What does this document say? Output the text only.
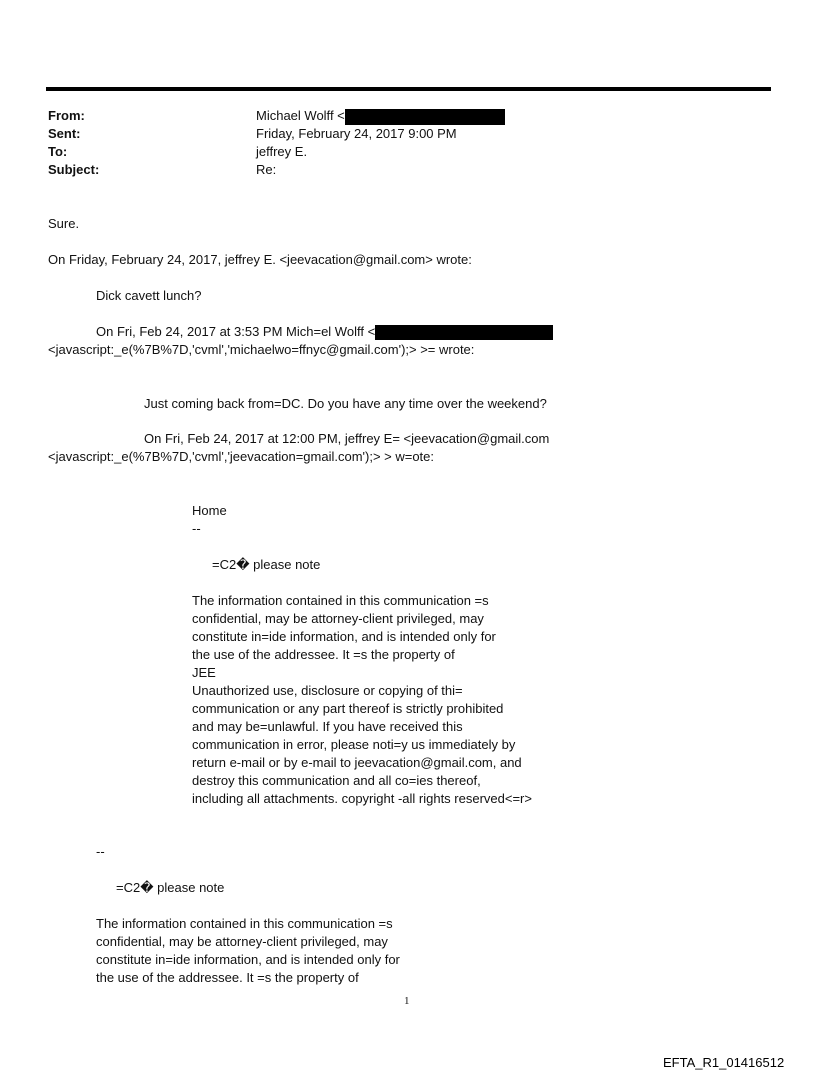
From:	Michael Wolff <
Sent:	Friday, February 24, 2017 9:00 PM
To:	jeffrey E.
Subject:	Re:
Sure.
On Friday, February 24, 2017, jeffrey E. <jeevacation@gmail.com> wrote:
Dick cavett lunch?
On Fri, Feb 24, 2017 at 3:53 PM Mich=el Wolff <
<javascript:_e(%7B%7D,'cvml','michaelwo=ffnyc@gmail.com');> >= wrote:
Just coming back from=DC. Do you have any time over the weekend?
On Fri, Feb 24, 2017 at 12:00 PM, jeffrey E= <jeevacation@gmail.com
<javascript:_e(%7B%7D,'cvml','jeevacation=gmail.com');> > w=ote:
Home
--
=C2� please note
The information contained in this communication =s
confidential, may be attorney-client privileged, may
constitute in=ide information, and is intended only for
the use of the addressee. It =s the property of
JEE
Unauthorized use, disclosure or copying of thi=
communication or any part thereof is strictly prohibited
and may be=unlawful. If you have received this
communication in error, please noti=y us immediately by
return e-mail or by e-mail to jeevacation@gmail.com, and
destroy this communication and all co=ies thereof,
including all attachments. copyright -all rights reserved<=r>
--
=C2� please note
The information contained in this communication =s
confidential, may be attorney-client privileged, may
constitute in=ide information, and is intended only for
the use of the addressee. It =s the property of
1
EFTA_R1_01416512
